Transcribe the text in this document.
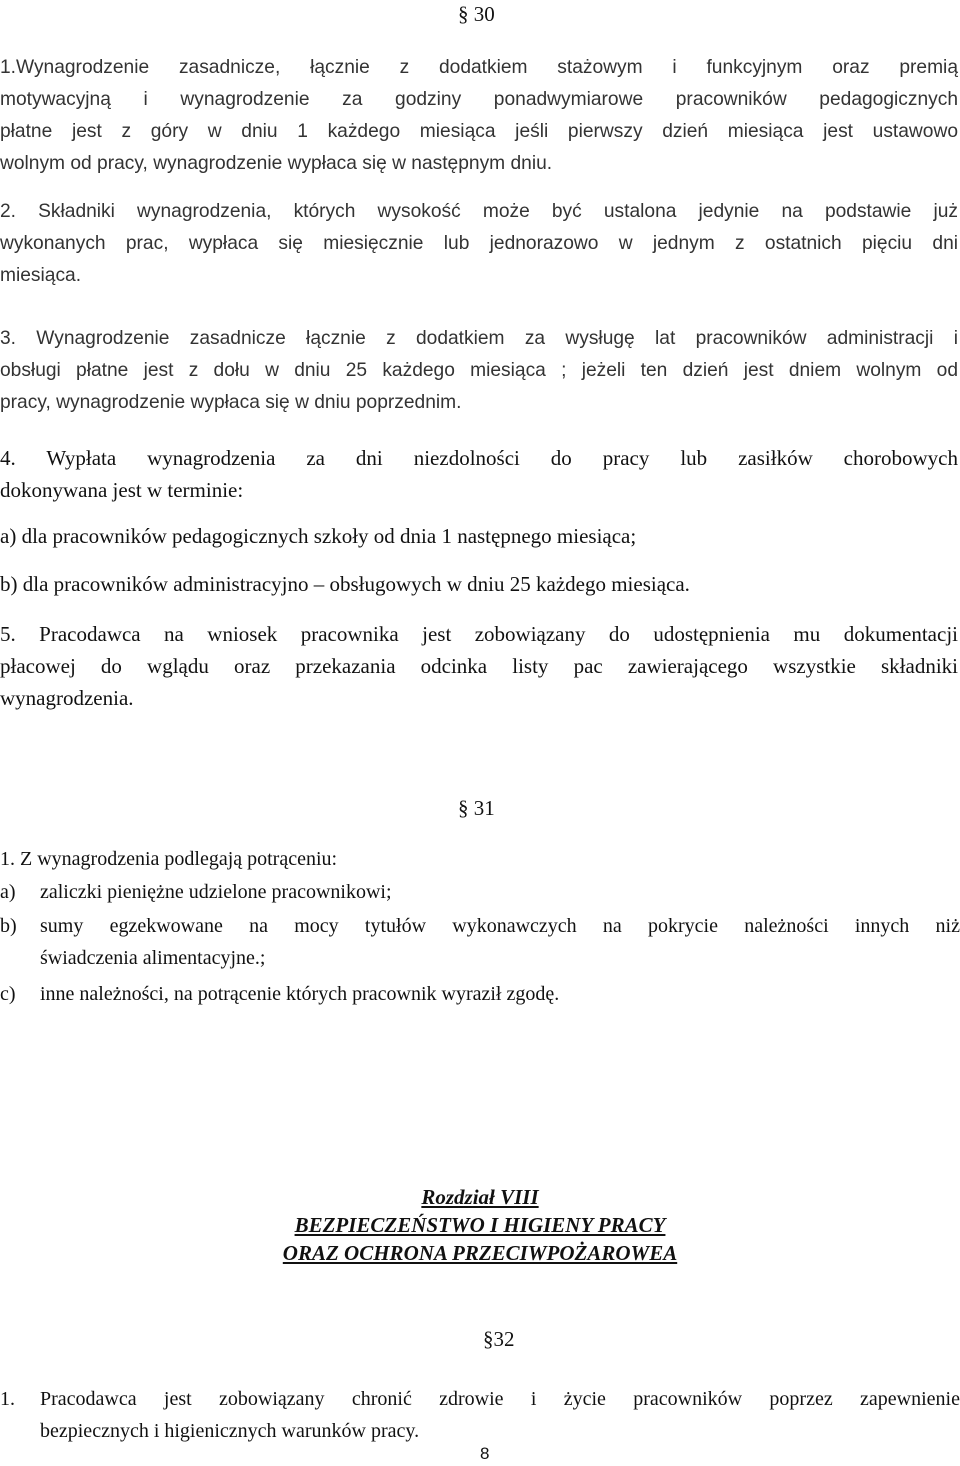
§ 30
1.Wynagrodzenie zasadnicze, łącznie z dodatkiem stażowym i funkcyjnym oraz premią
motywacyjną i wynagrodzenie za godziny ponadwymiarowe pracowników pedagogicznych
płatne jest z góry w dniu 1 każdego miesiąca jeśli pierwszy dzień miesiąca jest ustawowo
wolnym od pracy, wynagrodzenie wypłaca się w następnym dniu.
2. Składniki wynagrodzenia, których wysokość może być ustalona jedynie na podstawie już
wykonanych prac, wypłaca się miesięcznie lub jednorazowo w jednym z ostatnich pięciu dni
miesiąca.
3. Wynagrodzenie zasadnicze łącznie z dodatkiem za wysługę lat pracowników administracji i
obsługi płatne jest z dołu w dniu 25 każdego miesiąca ; jeżeli ten dzień jest dniem wolnym od
pracy, wynagrodzenie wypłaca się w dniu poprzednim.
4. Wypłata wynagrodzenia za dni niezdolności do pracy lub zasiłków chorobowych
dokonywana jest w terminie:
a) dla pracowników pedagogicznych szkoły od dnia 1 następnego miesiąca;
b) dla pracowników administracyjno – obsługowych w dniu 25 każdego miesiąca.
5. Pracodawca na wniosek pracownika jest zobowiązany do udostępnienia mu dokumentacji
płacowej do wglądu oraz przekazania odcinka listy pac zawierającego wszystkie składniki
wynagrodzenia.
§ 31
1. Z wynagrodzenia podlegają potrąceniu:
a) zaliczki pieniężne udzielone pracownikowi;
b) sumy egzekwowane na mocy tytułów wykonawczych na pokrycie należności innych niż
świadczenia alimentacyjne.;
c) inne należności, na potrącenie których pracownik wyraził zgodę.
Rozdział VIII
BEZPIECZEŃSTWO I HIGIENY PRACY
ORAZ OCHRONA PRZECIWPOŻAROWEA
§32
1. Pracodawca jest zobowiązany chronić zdrowie i życie pracowników poprzez zapewnienie
bezpiecznych i higienicznych warunków pracy.
8
